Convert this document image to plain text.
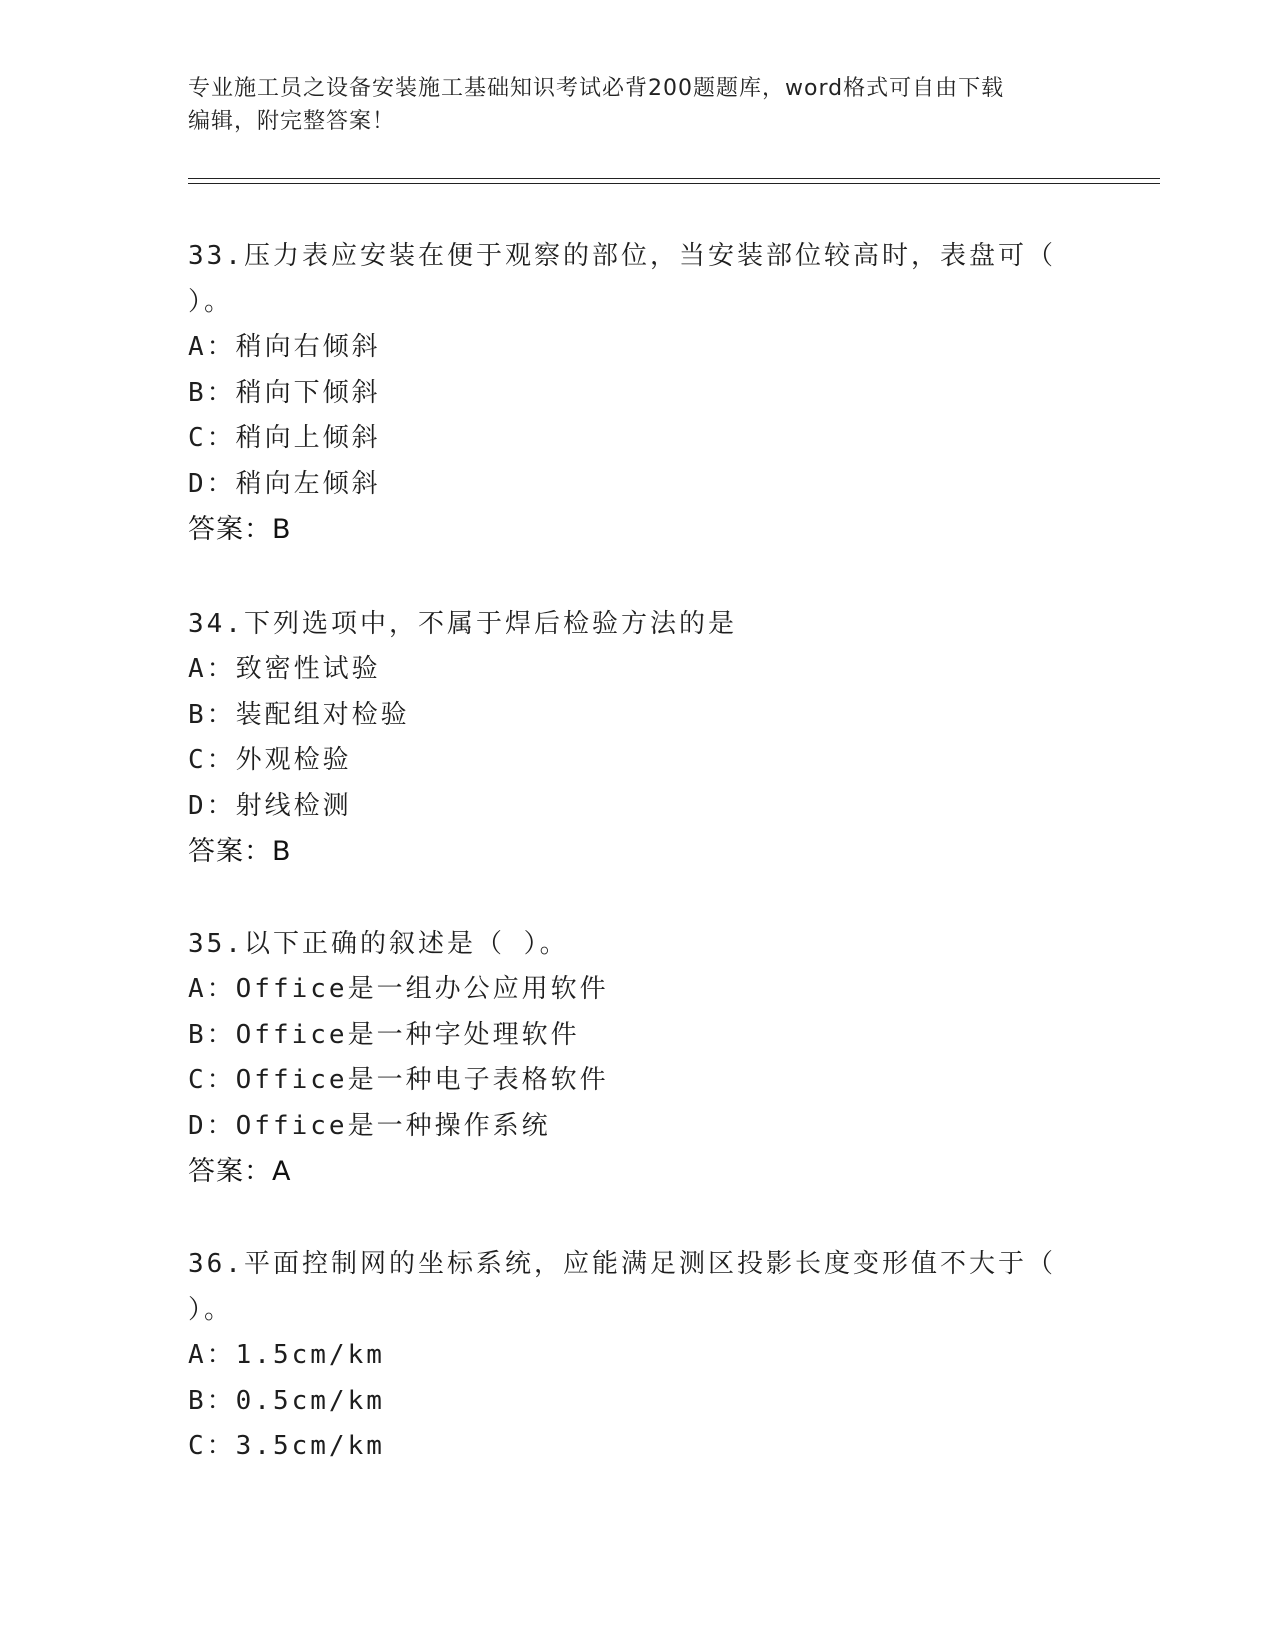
专业施工员之设备安装施工基础知识考试必背200题题库，word格式可自由下载
编辑，附完整答案！

33.压力表应安装在便于观察的部位，当安装部位较高时，表盘可（

）。

A：稍向右倾斜

B：稍向下倾斜

C：稍向上倾斜

D：稍向左倾斜

答案：B

34.下列选项中，不属于焊后检验方法的是

A：致密性试验

B：装配组对检验

C：外观检验

D：射线检测

答案：B

35.以下正确的叙述是（ ）。

A：Office是一组办公应用软件

B：Office是一种字处理软件

C：Office是一种电子表格软件

D：Office是一种操作系统

答案：A

36.平面控制网的坐标系统，应能满足测区投影长度变形值不大于（

）。

A：1.5cm/km

B：0.5cm/km

C：3.5cm/km
